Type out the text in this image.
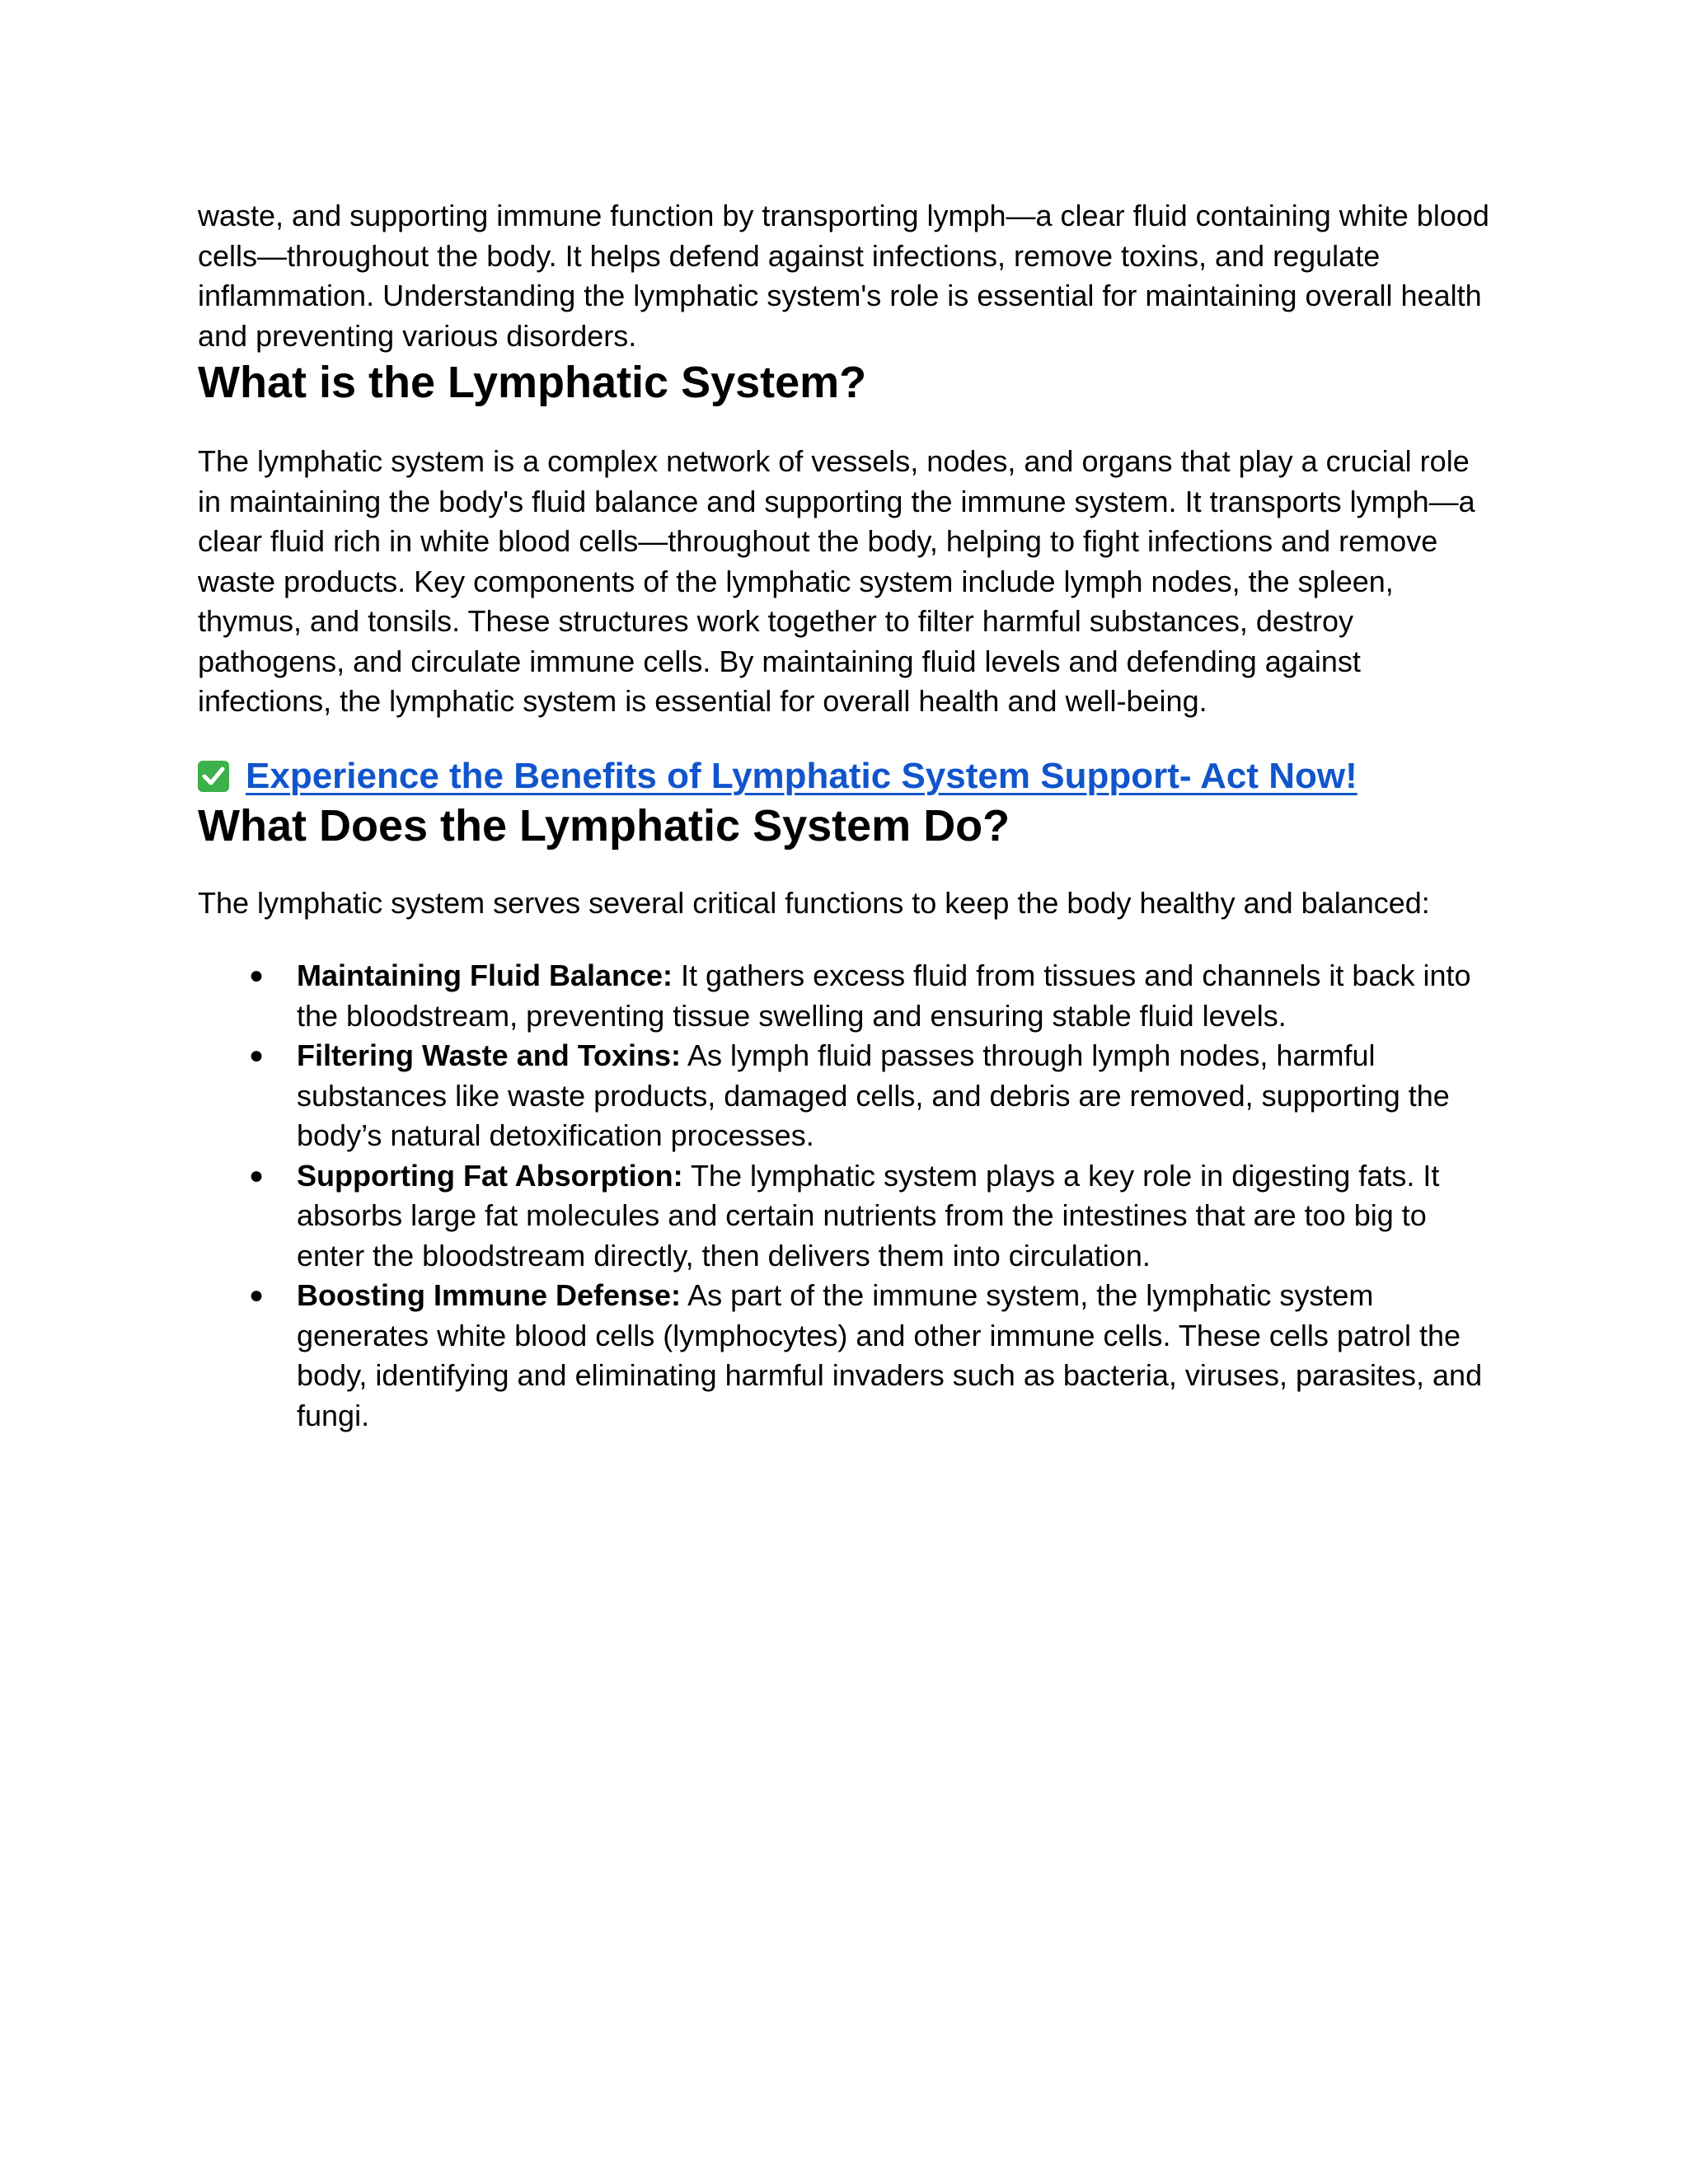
waste, and supporting immune function by transporting lymph—a clear fluid containing white blood cells—throughout the body. It helps defend against infections, remove toxins, and regulate inflammation. Understanding the lymphatic system's role is essential for maintaining overall health and preventing various disorders.

What is the Lymphatic System?

The lymphatic system is a complex network of vessels, nodes, and organs that play a crucial role in maintaining the body's fluid balance and supporting the immune system. It transports lymph—a clear fluid rich in white blood cells—throughout the body, helping to fight infections and remove waste products. Key components of the lymphatic system include lymph nodes, the spleen, thymus, and tonsils. These structures work together to filter harmful substances, destroy pathogens, and circulate immune cells. By maintaining fluid levels and defending against infections, the lymphatic system is essential for overall health and well-being.

Experience the Benefits of Lymphatic System Support- Act Now!
What Does the Lymphatic System Do?

The lymphatic system serves several critical functions to keep the body healthy and balanced:

● Maintaining Fluid Balance: It gathers excess fluid from tissues and channels it back into the bloodstream, preventing tissue swelling and ensuring stable fluid levels.
● Filtering Waste and Toxins: As lymph fluid passes through lymph nodes, harmful substances like waste products, damaged cells, and debris are removed, supporting the body’s natural detoxification processes.
● Supporting Fat Absorption: The lymphatic system plays a key role in digesting fats. It absorbs large fat molecules and certain nutrients from the intestines that are too big to enter the bloodstream directly, then delivers them into circulation.
● Boosting Immune Defense: As part of the immune system, the lymphatic system generates white blood cells (lymphocytes) and other immune cells. These cells patrol the body, identifying and eliminating harmful invaders such as bacteria, viruses, parasites, and fungi.
